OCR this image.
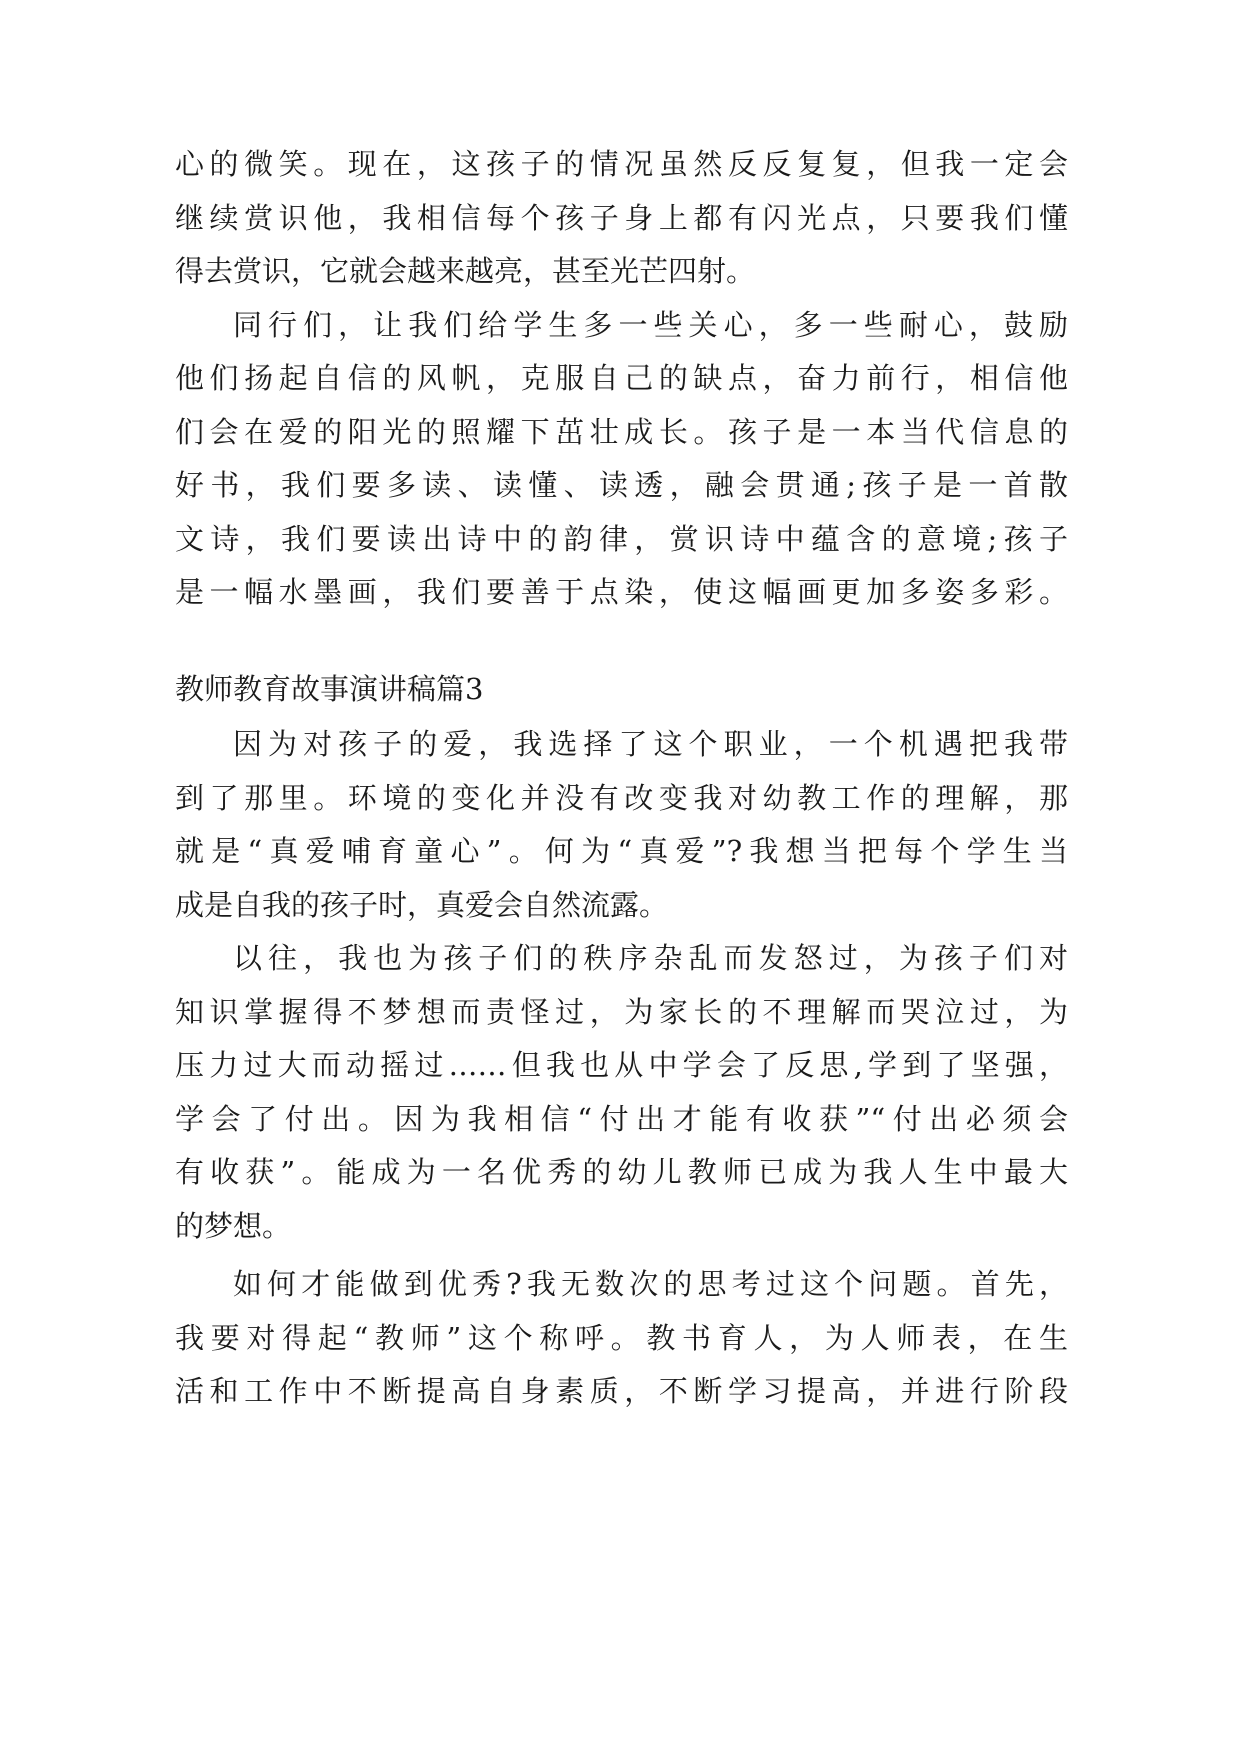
心的微笑。现在，这孩子的情况虽然反反复复，但我一定会
继续赏识他，我相信每个孩子身上都有闪光点，只要我们懂
得去赏识，它就会越来越亮，甚至光芒四射。
同行们，让我们给学生多一些关心，多一些耐心，鼓励
他们扬起自信的风帆，克服自己的缺点，奋力前行，相信他
们会在爱的阳光的照耀下茁壮成长。孩子是一本当代信息的
好书，我们要多读、读懂、读透，融会贯通;孩子是一首散
文诗，我们要读出诗中的韵律，赏识诗中蕴含的意境;孩子
是一幅水墨画，我们要善于点染，使这幅画更加多姿多彩。
教师教育故事演讲稿篇3
因为对孩子的爱，我选择了这个职业，一个机遇把我带
到了那里。环境的变化并没有改变我对幼教工作的理解，那
就是“真爱哺育童心”。何为“真爱”?我想当把每个学生当
成是自我的孩子时，真爱会自然流露。
以往，我也为孩子们的秩序杂乱而发怒过，为孩子们对
知识掌握得不梦想而责怪过，为家长的不理解而哭泣过，为
压力过大而动摇过……但我也从中学会了反思,学到了坚强，
学会了付出。因为我相信“付出才能有收获”“付出必须会
有收获”。能成为一名优秀的幼儿教师已成为我人生中最大
的梦想。
如何才能做到优秀?我无数次的思考过这个问题。首先，
我要对得起“教师”这个称呼。教书育人，为人师表，在生
活和工作中不断提高自身素质，不断学习提高，并进行阶段
